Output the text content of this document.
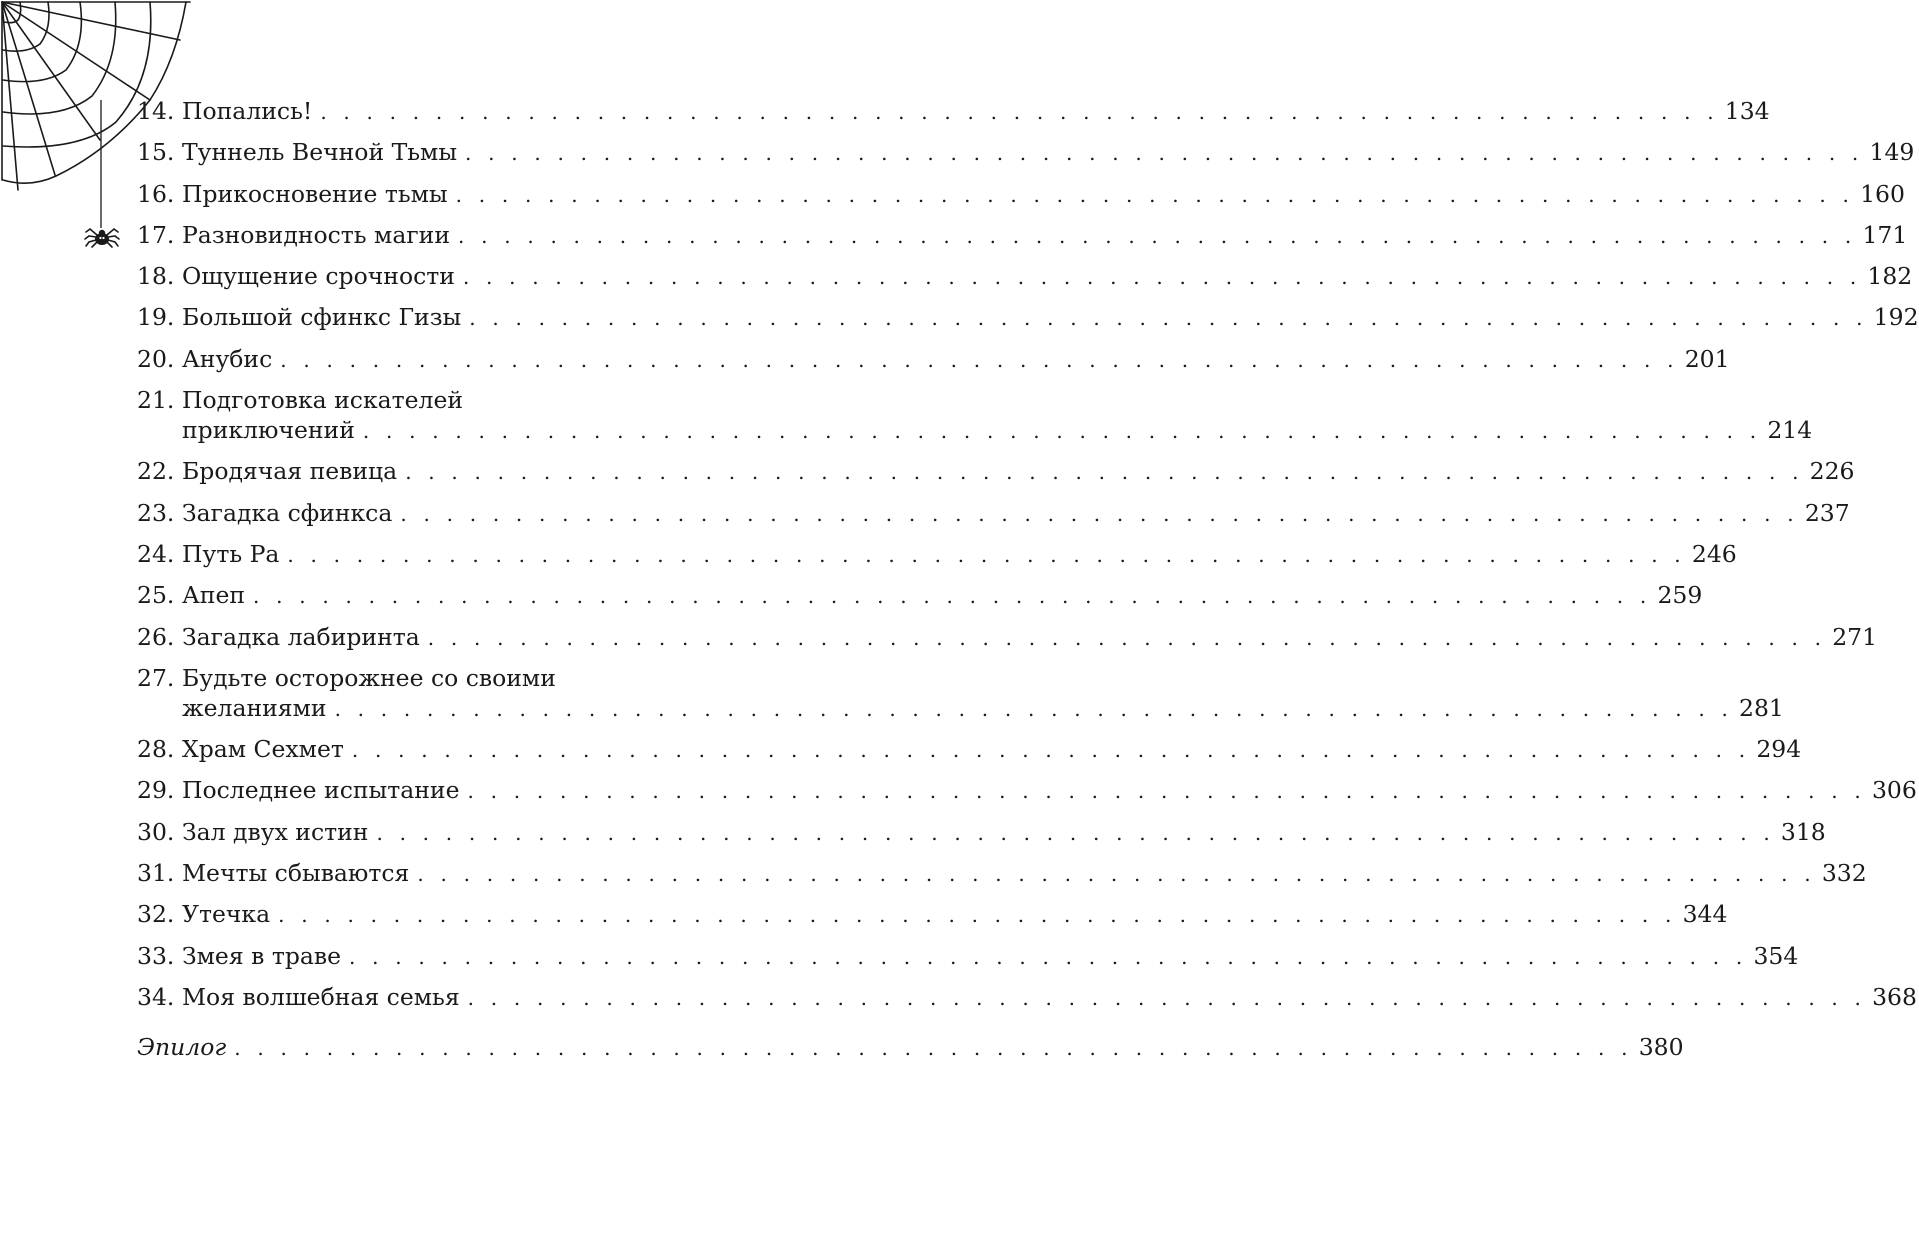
14. Попались! . . . . . . . . . . . . . . . . . . . . . . . . . . . . . . . . . . . . . . . . . . . . . . . . . . . . . . . . . . . . . 134
15. Туннель Вечной Тьмы . . . . . . . . . . . . . . . . . . . . . . . . . . . . . . . . . . . . . . . . . . . . . . . . . . . . . . . . . . . . . 149
16. Прикосновение тьмы . . . . . . . . . . . . . . . . . . . . . . . . . . . . . . . . . . . . . . . . . . . . . . . . . . . . . . . . . . . . . 160
17. Разновидность магии . . . . . . . . . . . . . . . . . . . . . . . . . . . . . . . . . . . . . . . . . . . . . . . . . . . . . . . . . . . . . 171
18. Ощущение срочности . . . . . . . . . . . . . . . . . . . . . . . . . . . . . . . . . . . . . . . . . . . . . . . . . . . . . . . . . . . . . 182
19. Большой сфинкс Гизы . . . . . . . . . . . . . . . . . . . . . . . . . . . . . . . . . . . . . . . . . . . . . . . . . . . . . . . . . . . . . 192
20. Анубис . . . . . . . . . . . . . . . . . . . . . . . . . . . . . . . . . . . . . . . . . . . . . . . . . . . . . . . . . . . . . 201
21. Подготовка искателей
приключений . . . . . . . . . . . . . . . . . . . . . . . . . . . . . . . . . . . . . . . . . . . . . . . . . . . . . . . . . . . . . 214
22. Бродячая певица . . . . . . . . . . . . . . . . . . . . . . . . . . . . . . . . . . . . . . . . . . . . . . . . . . . . . . . . . . . . . 226
23. Загадка сфинкса . . . . . . . . . . . . . . . . . . . . . . . . . . . . . . . . . . . . . . . . . . . . . . . . . . . . . . . . . . . . . 237
24. Путь Ра . . . . . . . . . . . . . . . . . . . . . . . . . . . . . . . . . . . . . . . . . . . . . . . . . . . . . . . . . . . . . 246
25. Апеп . . . . . . . . . . . . . . . . . . . . . . . . . . . . . . . . . . . . . . . . . . . . . . . . . . . . . . . . . . . . . 259
26. Загадка лабиринта . . . . . . . . . . . . . . . . . . . . . . . . . . . . . . . . . . . . . . . . . . . . . . . . . . . . . . . . . . . . . 271
27. Будьте осторожнее со своими
желаниями . . . . . . . . . . . . . . . . . . . . . . . . . . . . . . . . . . . . . . . . . . . . . . . . . . . . . . . . . . . . . 281
28. Храм Сехмет . . . . . . . . . . . . . . . . . . . . . . . . . . . . . . . . . . . . . . . . . . . . . . . . . . . . . . . . . . . . . 294
29. Последнее испытание . . . . . . . . . . . . . . . . . . . . . . . . . . . . . . . . . . . . . . . . . . . . . . . . . . . . . . . . . . . . . 306
30. Зал двух истин . . . . . . . . . . . . . . . . . . . . . . . . . . . . . . . . . . . . . . . . . . . . . . . . . . . . . . . . . . . . . 318
31. Мечты сбываются . . . . . . . . . . . . . . . . . . . . . . . . . . . . . . . . . . . . . . . . . . . . . . . . . . . . . . . . . . . . . 332
32. Утечка . . . . . . . . . . . . . . . . . . . . . . . . . . . . . . . . . . . . . . . . . . . . . . . . . . . . . . . . . . . . . 344
33. Змея в траве . . . . . . . . . . . . . . . . . . . . . . . . . . . . . . . . . . . . . . . . . . . . . . . . . . . . . . . . . . . . . 354
34. Моя волшебная семья . . . . . . . . . . . . . . . . . . . . . . . . . . . . . . . . . . . . . . . . . . . . . . . . . . . . . . . . . . . . . 368
Эпилог . . . . . . . . . . . . . . . . . . . . . . . . . . . . . . . . . . . . . . . . . . . . . . . . . . . . . . . . . . . . . 380
